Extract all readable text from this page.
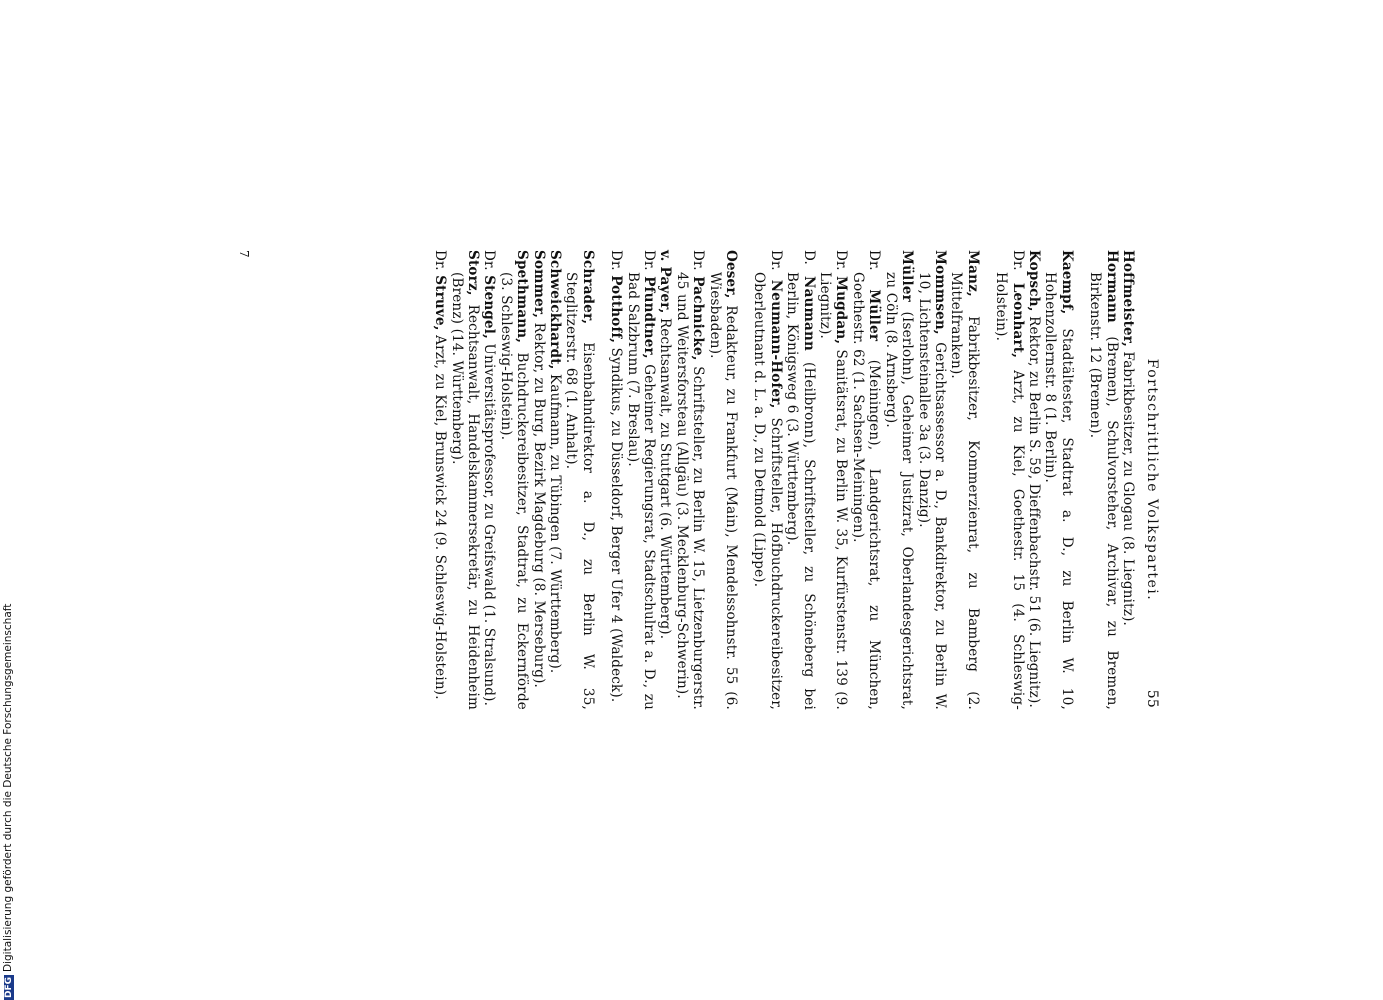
Fortschrittliche Volkspartei.
55
Hoffmeister, Fabrikbesitzer, zu Glogau (8. Liegnitz).
Hormann (Bremen), Schulvorsteher, Archivar, zu Bremen, Birkenstr. 12 (Bremen).
Kaempf, Stadtältester, Stadtrat a. D., zu Berlin W. 10, Hohenzollernstr. 8 (1. Berlin).
Kopsch, Rektor, zu Berlin S. 59, Dieffenbachstr. 51 (6. Liegnitz).
Dr. Leonhart, Arzt, zu Kiel, Goethestr. 15 (4. Schleswig-Holstein).
Manz, Fabrikbesitzer, Kommerzienrat, zu Bamberg (2. Mittelfranken).
Mommsen, Gerichtsassessor a. D., Bankdirektor, zu Berlin W. 10, Lichtensteinallee 3a (3. Danzig).
Müller (Iserlohn), Geheimer Justizrat, Oberlandesgerichtsrat, zu Cöln (8. Arnsberg).
Dr. Müller (Meiningen), Landgerichtsrat, zu München, Goethestr. 62 (1. Sachsen-Meiningen).
Dr. Mugdan, Sanitätsrat, zu Berlin W. 35, Kurfürstenstr. 139 (9. Liegnitz).
D. Naumann (Heilbronn), Schriftsteller, zu Schöneberg bei Berlin, Königsweg 6 (3. Württemberg).
Dr. Neumann-Hofer, Schriftsteller, Hofbuchdruckereibesitzer, Oberleutnant d. L. a. D., zu Detmold (Lippe).
Oeser, Redakteur, zu Frankfurt (Main), Mendelssohnstr. 55 (6. Wiesbaden).
Dr. Pachnicke, Schriftsteller, zu Berlin W. 15, Lietzenburgerstr. 45 und Weitersforsteau (Allgäu) (3. Mecklenburg-Schwerin).
v. Payer, Rechtsanwalt, zu Stuttgart (6. Württemberg).
Dr. Pfundtner, Geheimer Regierungsrat, Stadtschulrat a. D., zu Bad Salzbrunn (7. Breslau).
Dr. Potthoff, Syndikus, zu Düsseldorf, Berger Ufer 4 (Waldeck).
Schrader, Eisenbahndirektor a. D., zu Berlin W. 35, Steglitzerstr. 68 (1. Anhalt).
Schweickhardt, Kaufmann, zu Tübingen (7. Württemberg).
Sommer, Rektor, zu Burg, Bezirk Magdeburg (8. Merseburg).
Spethmann, Buchdruckereibesitzer, Stadtrat, zu Eckernförde (3. Schleswig-Holstein).
Dr. Stengel, Universitätsprofessor, zu Greifswald (1. Stralsund).
Storz, Rechtsanwalt, Handelskammersekretär, zu Heidenheim (Brenz) (14. Württemberg).
Dr. Struve, Arzt, zu Kiel, Brunswick 24 (9. Schleswig-Holstein).
7
DFGDigitalisierung gefördert durch die Deutsche Forschungsgemeinschaft
